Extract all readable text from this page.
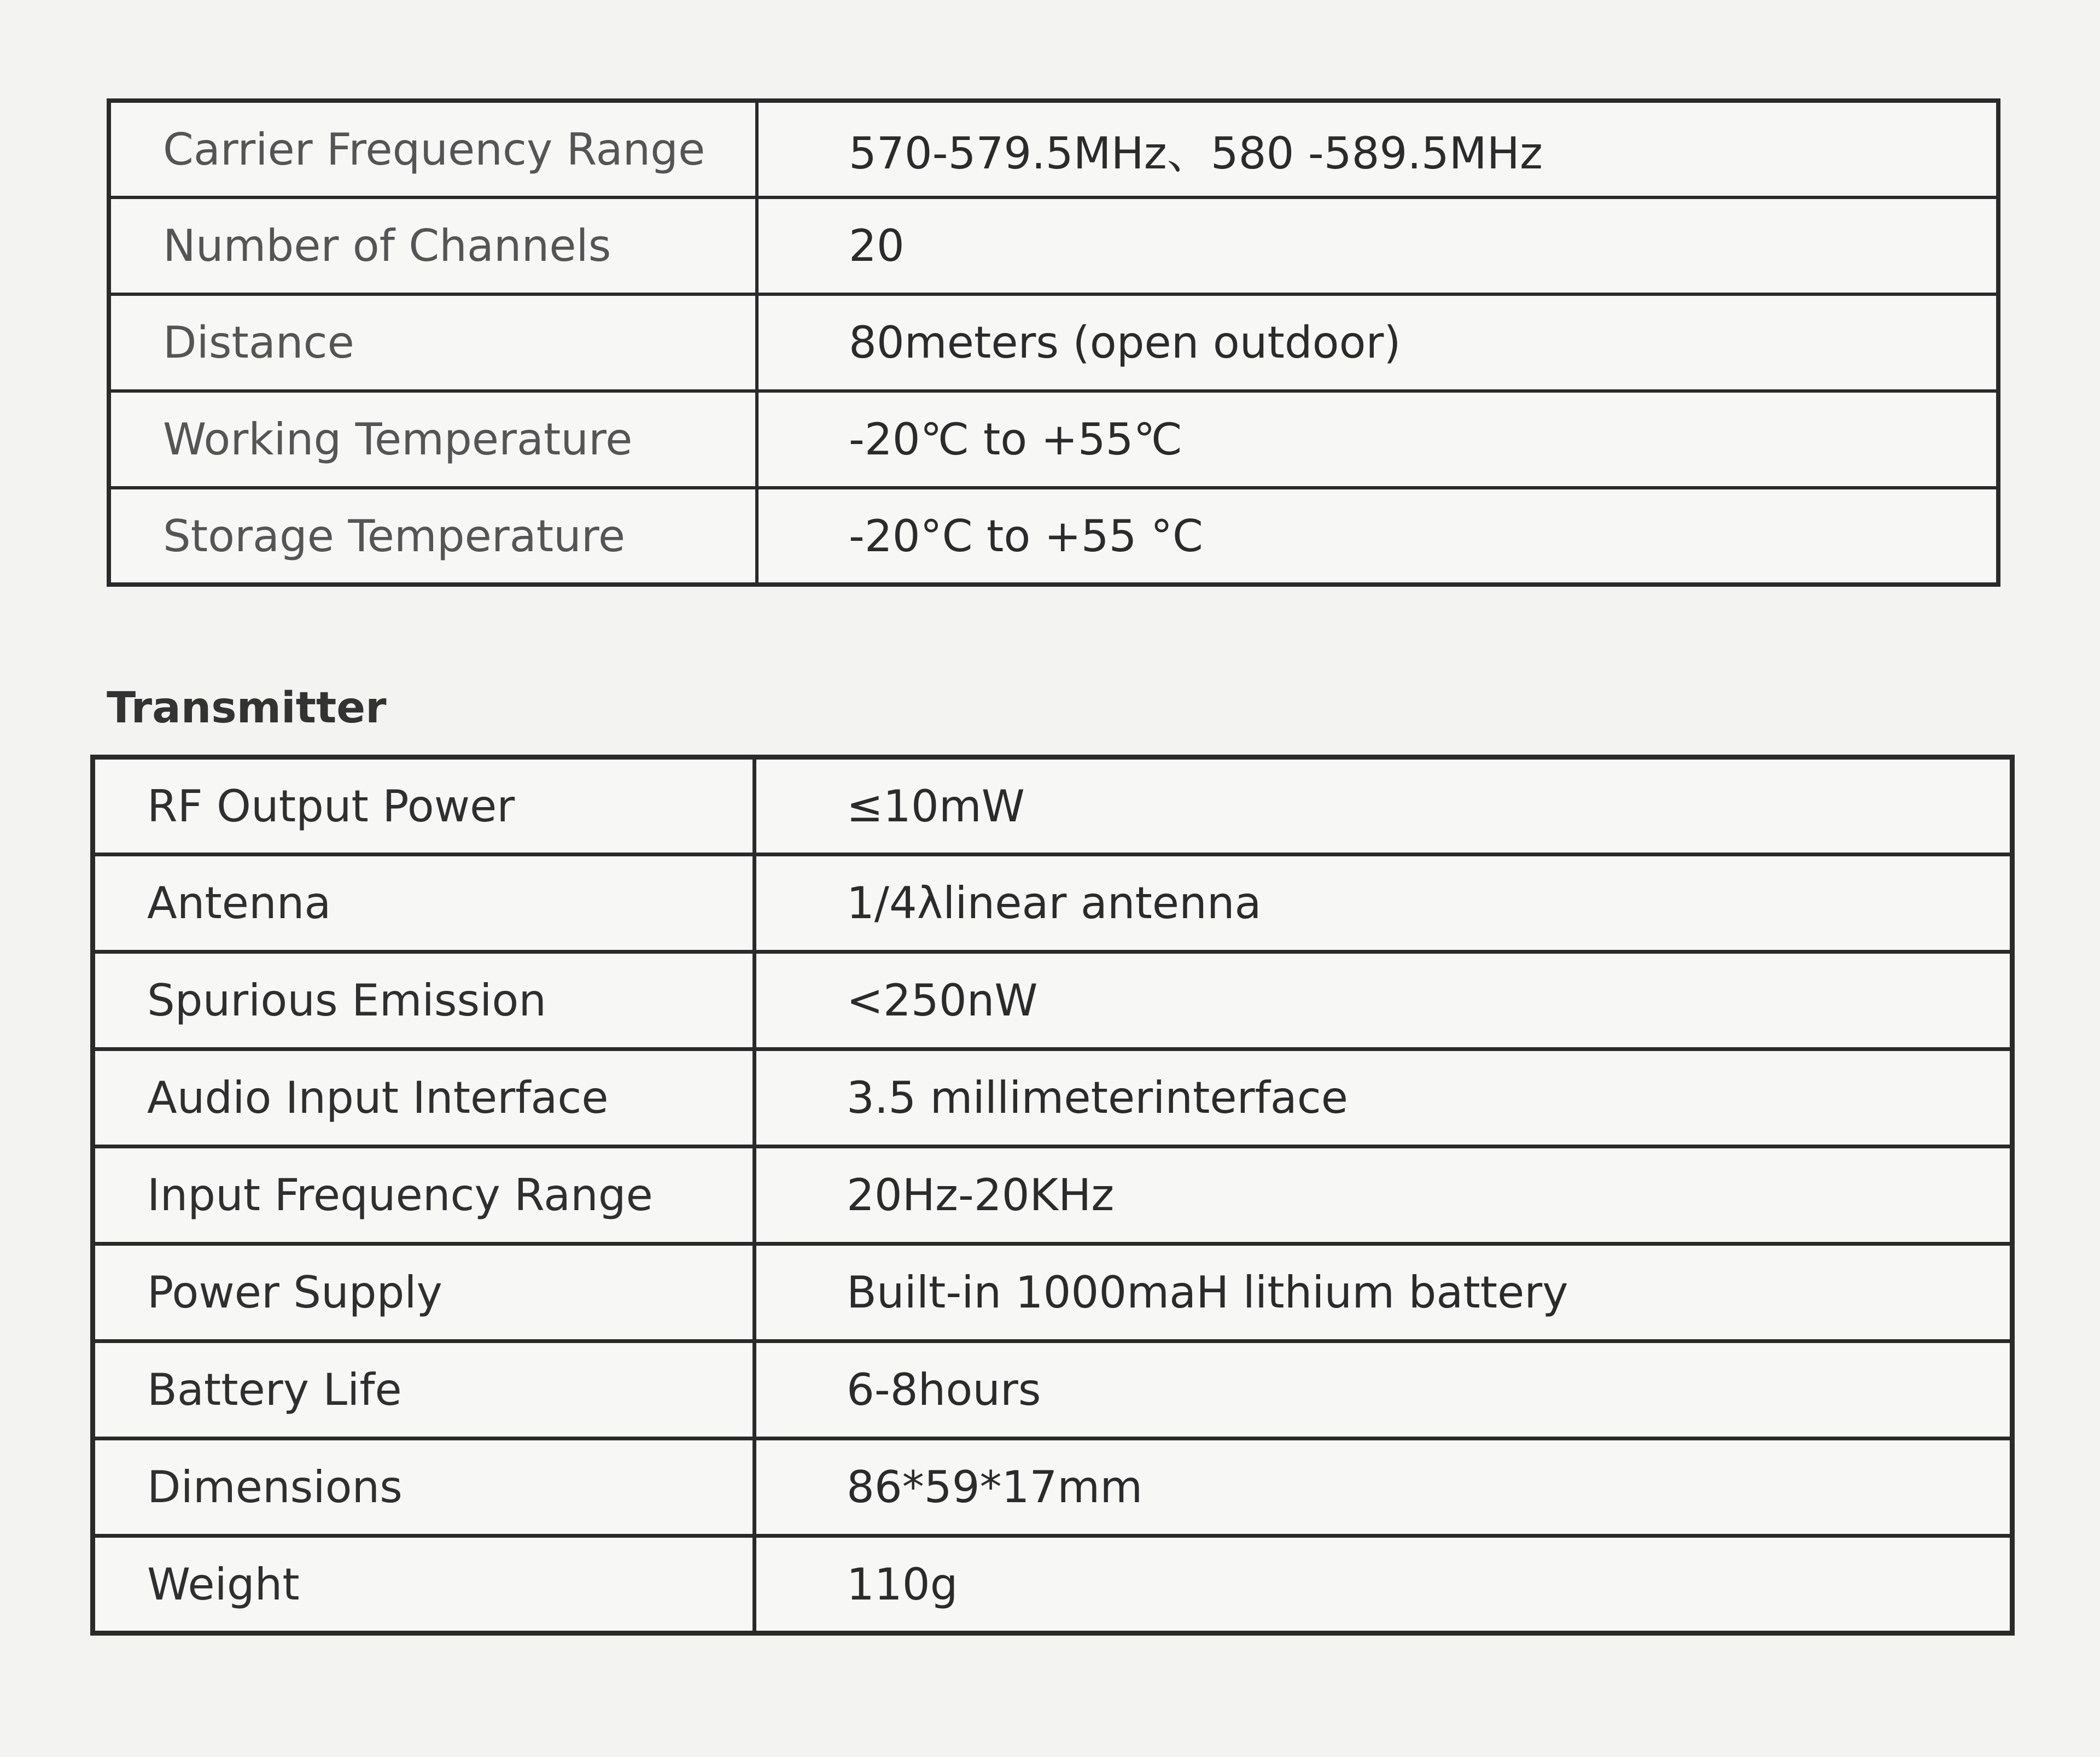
Carrier Frequency Range	570-579.5MHz、580 -589.5MHz
Number of Channels	20
Distance	80meters (open outdoor)
Working Temperature	-20℃ to +55℃
Storage Temperature	-20°C to +55 °C
Transmitter
RF Output Power	≤10mW
Antenna	1/4λlinear antenna
Spurious Emission	<250nW
Audio Input Interface	3.5 millimeterinterface
Input Frequency Range	20Hz-20KHz
Power Supply	Built-in 1000maH lithium battery
Battery Life	6-8hours
Dimensions	86*59*17mm
Weight	110g
